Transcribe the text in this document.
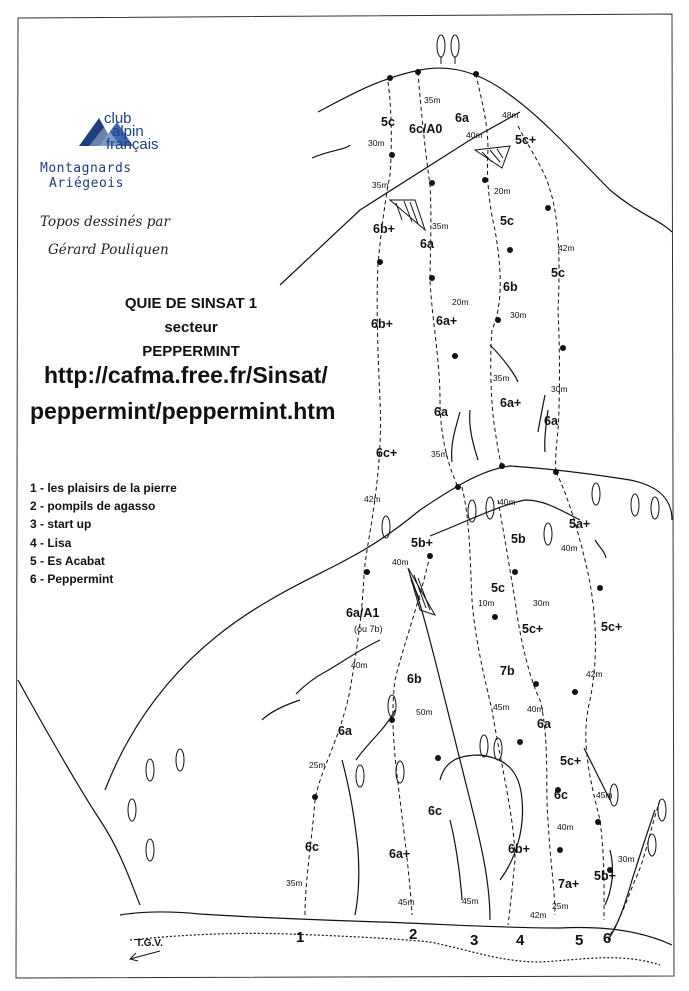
club
alpin
français
Montagnards
Ariégeois
Topos dessinés par
Gérard Pouliquen
QUIE DE SINSAT 1
secteur
PEPPERMINT
http://cafma.free.fr/Sinsat/
peppermint/peppermint.htm
1 - les plaisirs de la pierre
2 - pompils de agasso
3 - start up
4 - Lisa
5 - Es Acabat
6 - Peppermint
5c 6c/A0
6a
5c+
6b+
6a
5c
5c
6b+	6a+
6b
6a
6a+
6a
6c+
35m
48m
40m
30m
35m
20m
35m
42m
20m
30m
35m
30m
35m
42m
5b+	5b
5a+
6a/A1
(ou 7b)
5c
5c+	5c+
7b
6b
6a
6a
5c+
6c
6c
6c	6a+	6b+
7a+
5b+
40m
40m
40m
10m	30m
40m
42m
50m	45m 40m
25m
45m
40m
30m
35m
45m	45m
42m
25m
1	2	3	4	5 6
T.G.V.
